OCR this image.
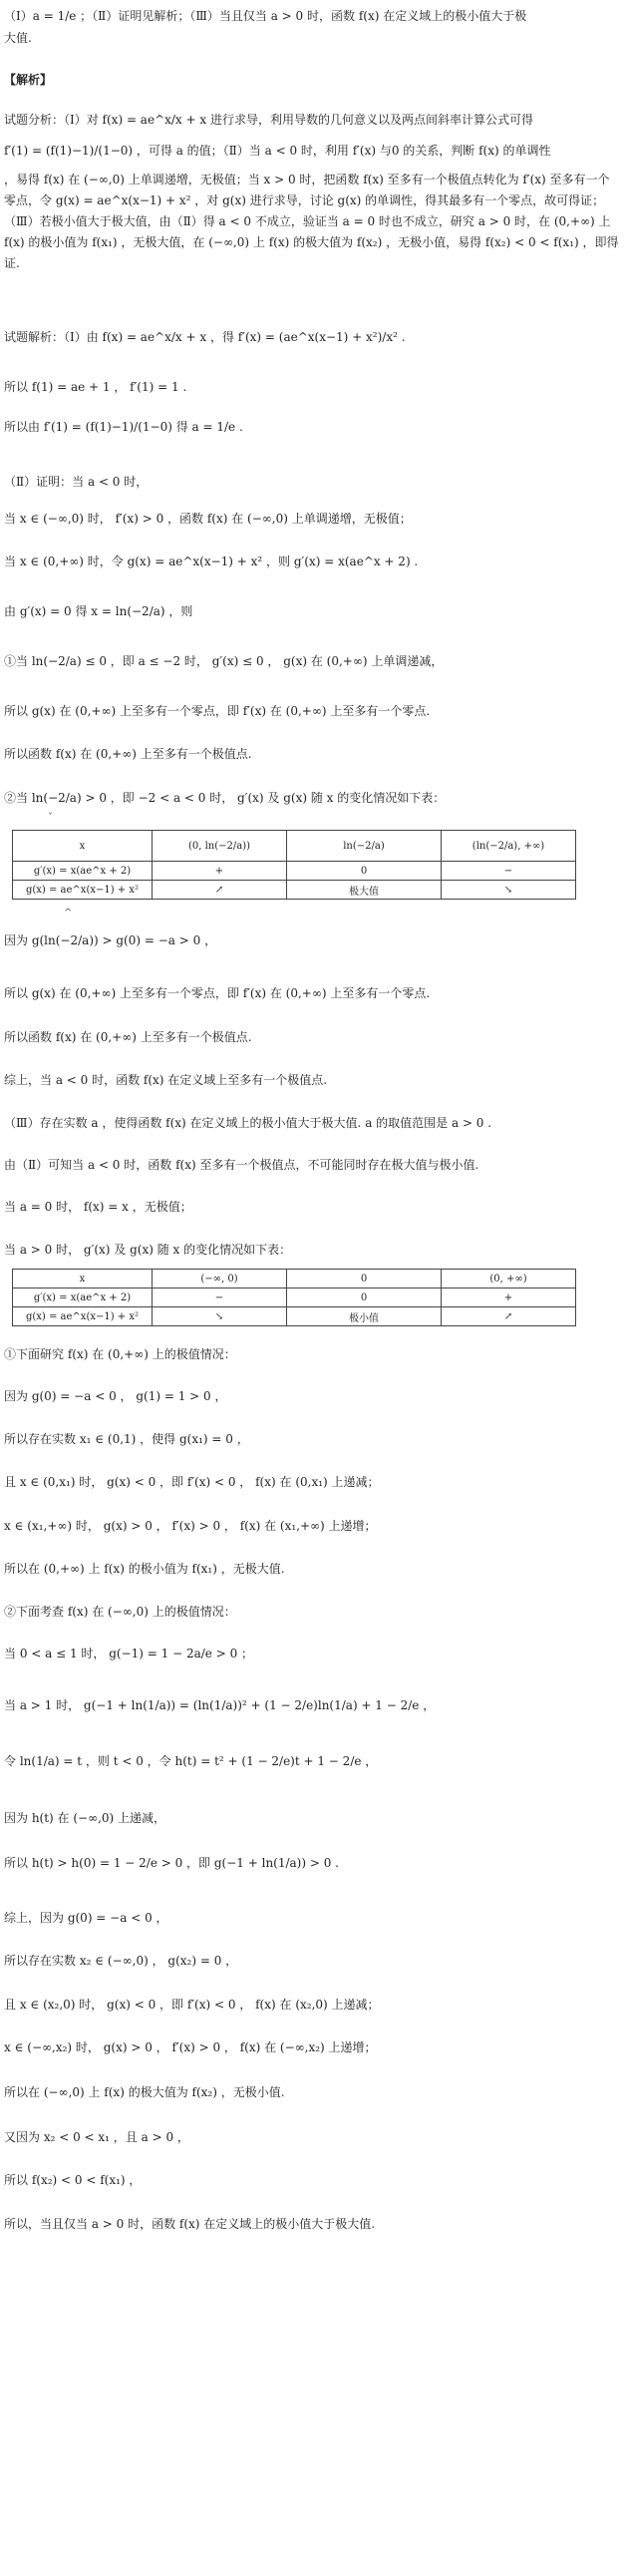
（Ⅰ）a = 1/e ；（Ⅱ）证明见解析；（Ⅲ）当且仅当 a > 0 时，函数 f(x) 在定义域上的极小值大于极
大值.
【解析】
试题分析：（Ⅰ）对 f(x) = ae^x/x + x 进行求导，利用导数的几何意义以及两点间斜率计算公式可得
f′(1) = (f(1)−1)/(1−0) ，可得 a 的值；（Ⅱ）当 a < 0 时，利用 f′(x) 与0 的关系，判断 f(x) 的单调性
，易得 f(x) 在 (−∞,0) 上单调递增，无极值；当 x > 0 时，把函数 f(x) 至多有一个极值点转化为 f′(x) 至多有一个零点，令 g(x) = ae^x(x−1) + x² ，对 g(x) 进行求导，讨论 g(x) 的单调性，得其最多有一个零点，故可得证；（Ⅲ）若极小值大于极大值，由（Ⅱ）得 a < 0 不成立，验证当 a = 0 时也不成立，研究 a > 0 时，在 (0,+∞) 上 f(x) 的极小值为 f(x₁) ，无极大值，在 (−∞,0) 上 f(x) 的极大值为 f(x₂) ，无极小值，易得 f(x₂) < 0 < f(x₁) ，即得证.
试题解析：（Ⅰ）由 f(x) = ae^x/x + x ，得 f′(x) = (ae^x(x−1) + x²)/x² .
所以 f(1) = ae + 1 ， f′(1) = 1 .
所以由 f′(1) = (f(1)−1)/(1−0) 得 a = 1/e .
（Ⅱ）证明：当 a < 0 时，
当 x ∈ (−∞,0) 时， f′(x) > 0 ，函数 f(x) 在 (−∞,0) 上单调递增，无极值；
当 x ∈ (0,+∞) 时，令 g(x) = ae^x(x−1) + x² ，则 g′(x) = x(ae^x + 2) .
由 g′(x) = 0 得 x = ln(−2/a) ，则
①当 ln(−2/a) ≤ 0 ，即 a ≤ −2 时， g′(x) ≤ 0 ， g(x) 在 (0,+∞) 上单调递减，
所以 g(x) 在 (0,+∞) 上至多有一个零点，即 f′(x) 在 (0,+∞) 上至多有一个零点.
所以函数 f(x) 在 (0,+∞) 上至多有一个极值点.
②当 ln(−2/a) > 0 ，即 −2 < a < 0 时， g′(x) 及 g(x) 随 x 的变化情况如下表：
ˇ
x	(0, ln(−2/a))	ln(−2/a)	(ln(−2/a), +∞)
g′(x) = x(ae^x + 2)	+	0	−
g(x) = ae^x(x−1) + x²	↗	极大值	↘
^
因为 g(ln(−2/a)) > g(0) = −a > 0 ，
所以 g(x) 在 (0,+∞) 上至多有一个零点，即 f′(x) 在 (0,+∞) 上至多有一个零点.
所以函数 f(x) 在 (0,+∞) 上至多有一个极值点.
综上，当 a < 0 时，函数 f(x) 在定义域上至多有一个极值点.
（Ⅲ）存在实数 a ，使得函数 f(x) 在定义域上的极小值大于极大值. a 的取值范围是 a > 0 .
由（Ⅱ）可知当 a < 0 时，函数 f(x) 至多有一个极值点，不可能同时存在极大值与极小值.
当 a = 0 时， f(x) = x ，无极值；
当 a > 0 时， g′(x) 及 g(x) 随 x 的变化情况如下表：
x	(−∞, 0)	0	(0, +∞)
g′(x) = x(ae^x + 2)	−	0	+
g(x) = ae^x(x−1) + x²	↘	极小值	↗
①下面研究 f(x) 在 (0,+∞) 上的极值情况：
因为 g(0) = −a < 0 ， g(1) = 1 > 0 ，
所以存在实数 x₁ ∈ (0,1) ，使得 g(x₁) = 0 ，
且 x ∈ (0,x₁) 时， g(x) < 0 ，即 f′(x) < 0 ， f(x) 在 (0,x₁) 上递减；
x ∈ (x₁,+∞) 时， g(x) > 0 ， f′(x) > 0 ， f(x) 在 (x₁,+∞) 上递增；
所以在 (0,+∞) 上 f(x) 的极小值为 f(x₁) ，无极大值.
②下面考查 f(x) 在 (−∞,0) 上的极值情况：
当 0 < a ≤ 1 时， g(−1) = 1 − 2a/e > 0 ；
当 a > 1 时， g(−1 + ln(1/a)) = (ln(1/a))² + (1 − 2/e)ln(1/a) + 1 − 2/e ，
令 ln(1/a) = t ，则 t < 0 ，令 h(t) = t² + (1 − 2/e)t + 1 − 2/e ，
因为 h(t) 在 (−∞,0) 上递减，
所以 h(t) > h(0) = 1 − 2/e > 0 ，即 g(−1 + ln(1/a)) > 0 .
综上，因为 g(0) = −a < 0 ，
所以存在实数 x₂ ∈ (−∞,0) ， g(x₂) = 0 ，
且 x ∈ (x₂,0) 时， g(x) < 0 ，即 f′(x) < 0 ， f(x) 在 (x₂,0) 上递减；
x ∈ (−∞,x₂) 时， g(x) > 0 ， f′(x) > 0 ， f(x) 在 (−∞,x₂) 上递增；
所以在 (−∞,0) 上 f(x) 的极大值为 f(x₂) ，无极小值.
又因为 x₂ < 0 < x₁ ，且 a > 0 ，
所以 f(x₂) < 0 < f(x₁) ，
所以，当且仅当 a > 0 时，函数 f(x) 在定义域上的极小值大于极大值.
